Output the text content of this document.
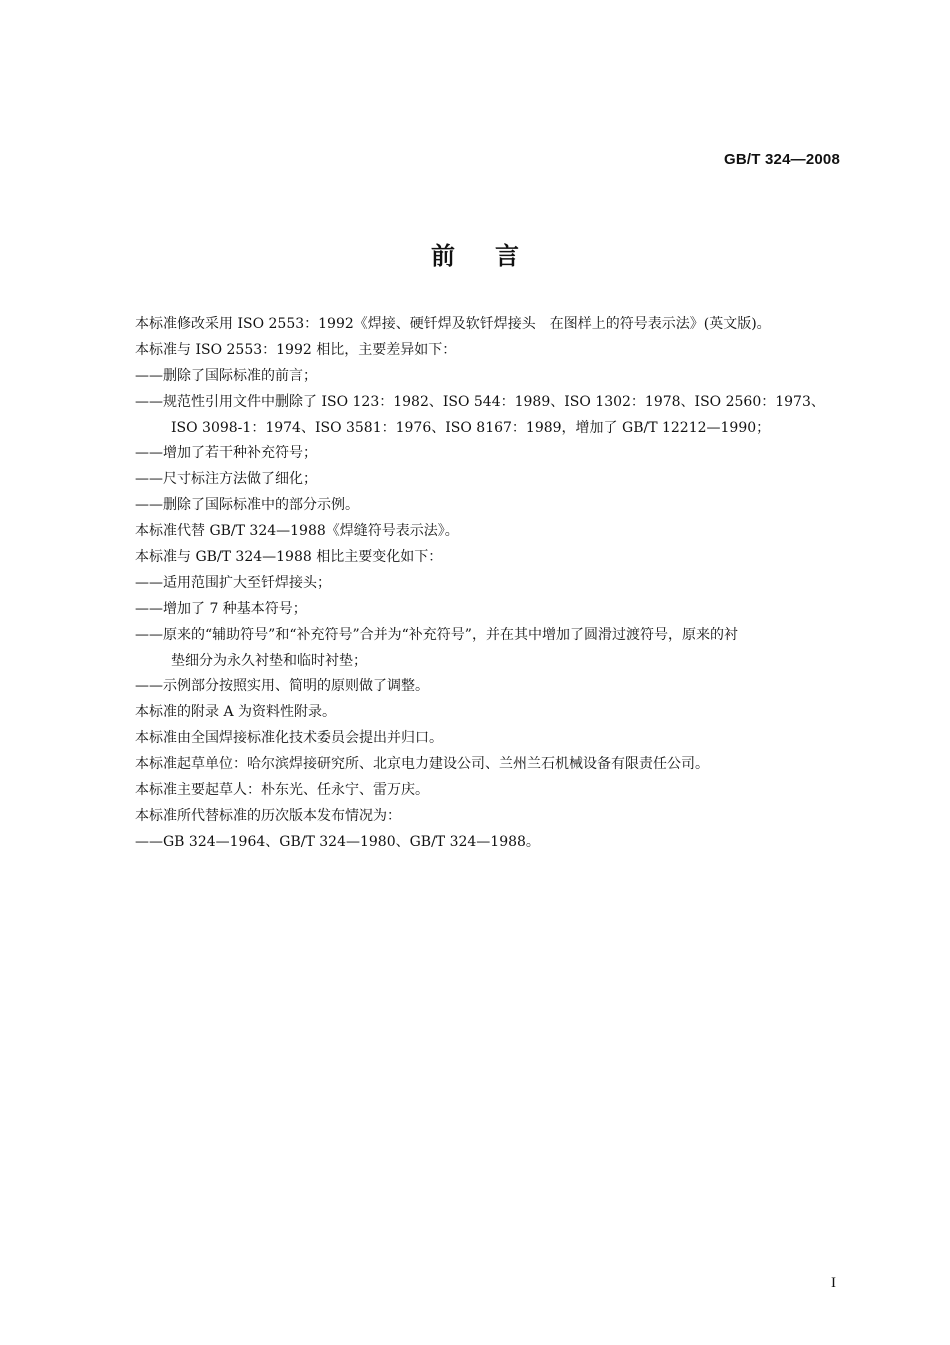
GB/T 324—2008
前言
本标准修改采用 ISO 2553：1992《焊接、硬钎焊及软钎焊接头　在图样上的符号表示法》(英文版)。
本标准与 ISO 2553：1992 相比，主要差异如下：
——删除了国际标准的前言；
——规范性引用文件中删除了 ISO 123：1982、ISO 544：1989、ISO 1302：1978、ISO 2560：1973、
ISO 3098-1：1974、ISO 3581：1976、ISO 8167：1989，增加了 GB/T 12212—1990；
——增加了若干种补充符号；
——尺寸标注方法做了细化；
——删除了国际标准中的部分示例。
本标准代替 GB/T 324—1988《焊缝符号表示法》。
本标准与 GB/T 324—1988 相比主要变化如下：
——适用范围扩大至钎焊接头；
——增加了 7 种基本符号；
——原来的“辅助符号”和“补充符号”合并为“补充符号”，并在其中增加了圆滑过渡符号，原来的衬
垫细分为永久衬垫和临时衬垫；
——示例部分按照实用、简明的原则做了调整。
本标准的附录 A 为资料性附录。
本标准由全国焊接标准化技术委员会提出并归口。
本标准起草单位：哈尔滨焊接研究所、北京电力建设公司、兰州兰石机械设备有限责任公司。
本标准主要起草人：朴东光、任永宁、雷万庆。
本标准所代替标准的历次版本发布情况为：
——GB 324—1964、GB/T 324—1980、GB/T 324—1988。
I
